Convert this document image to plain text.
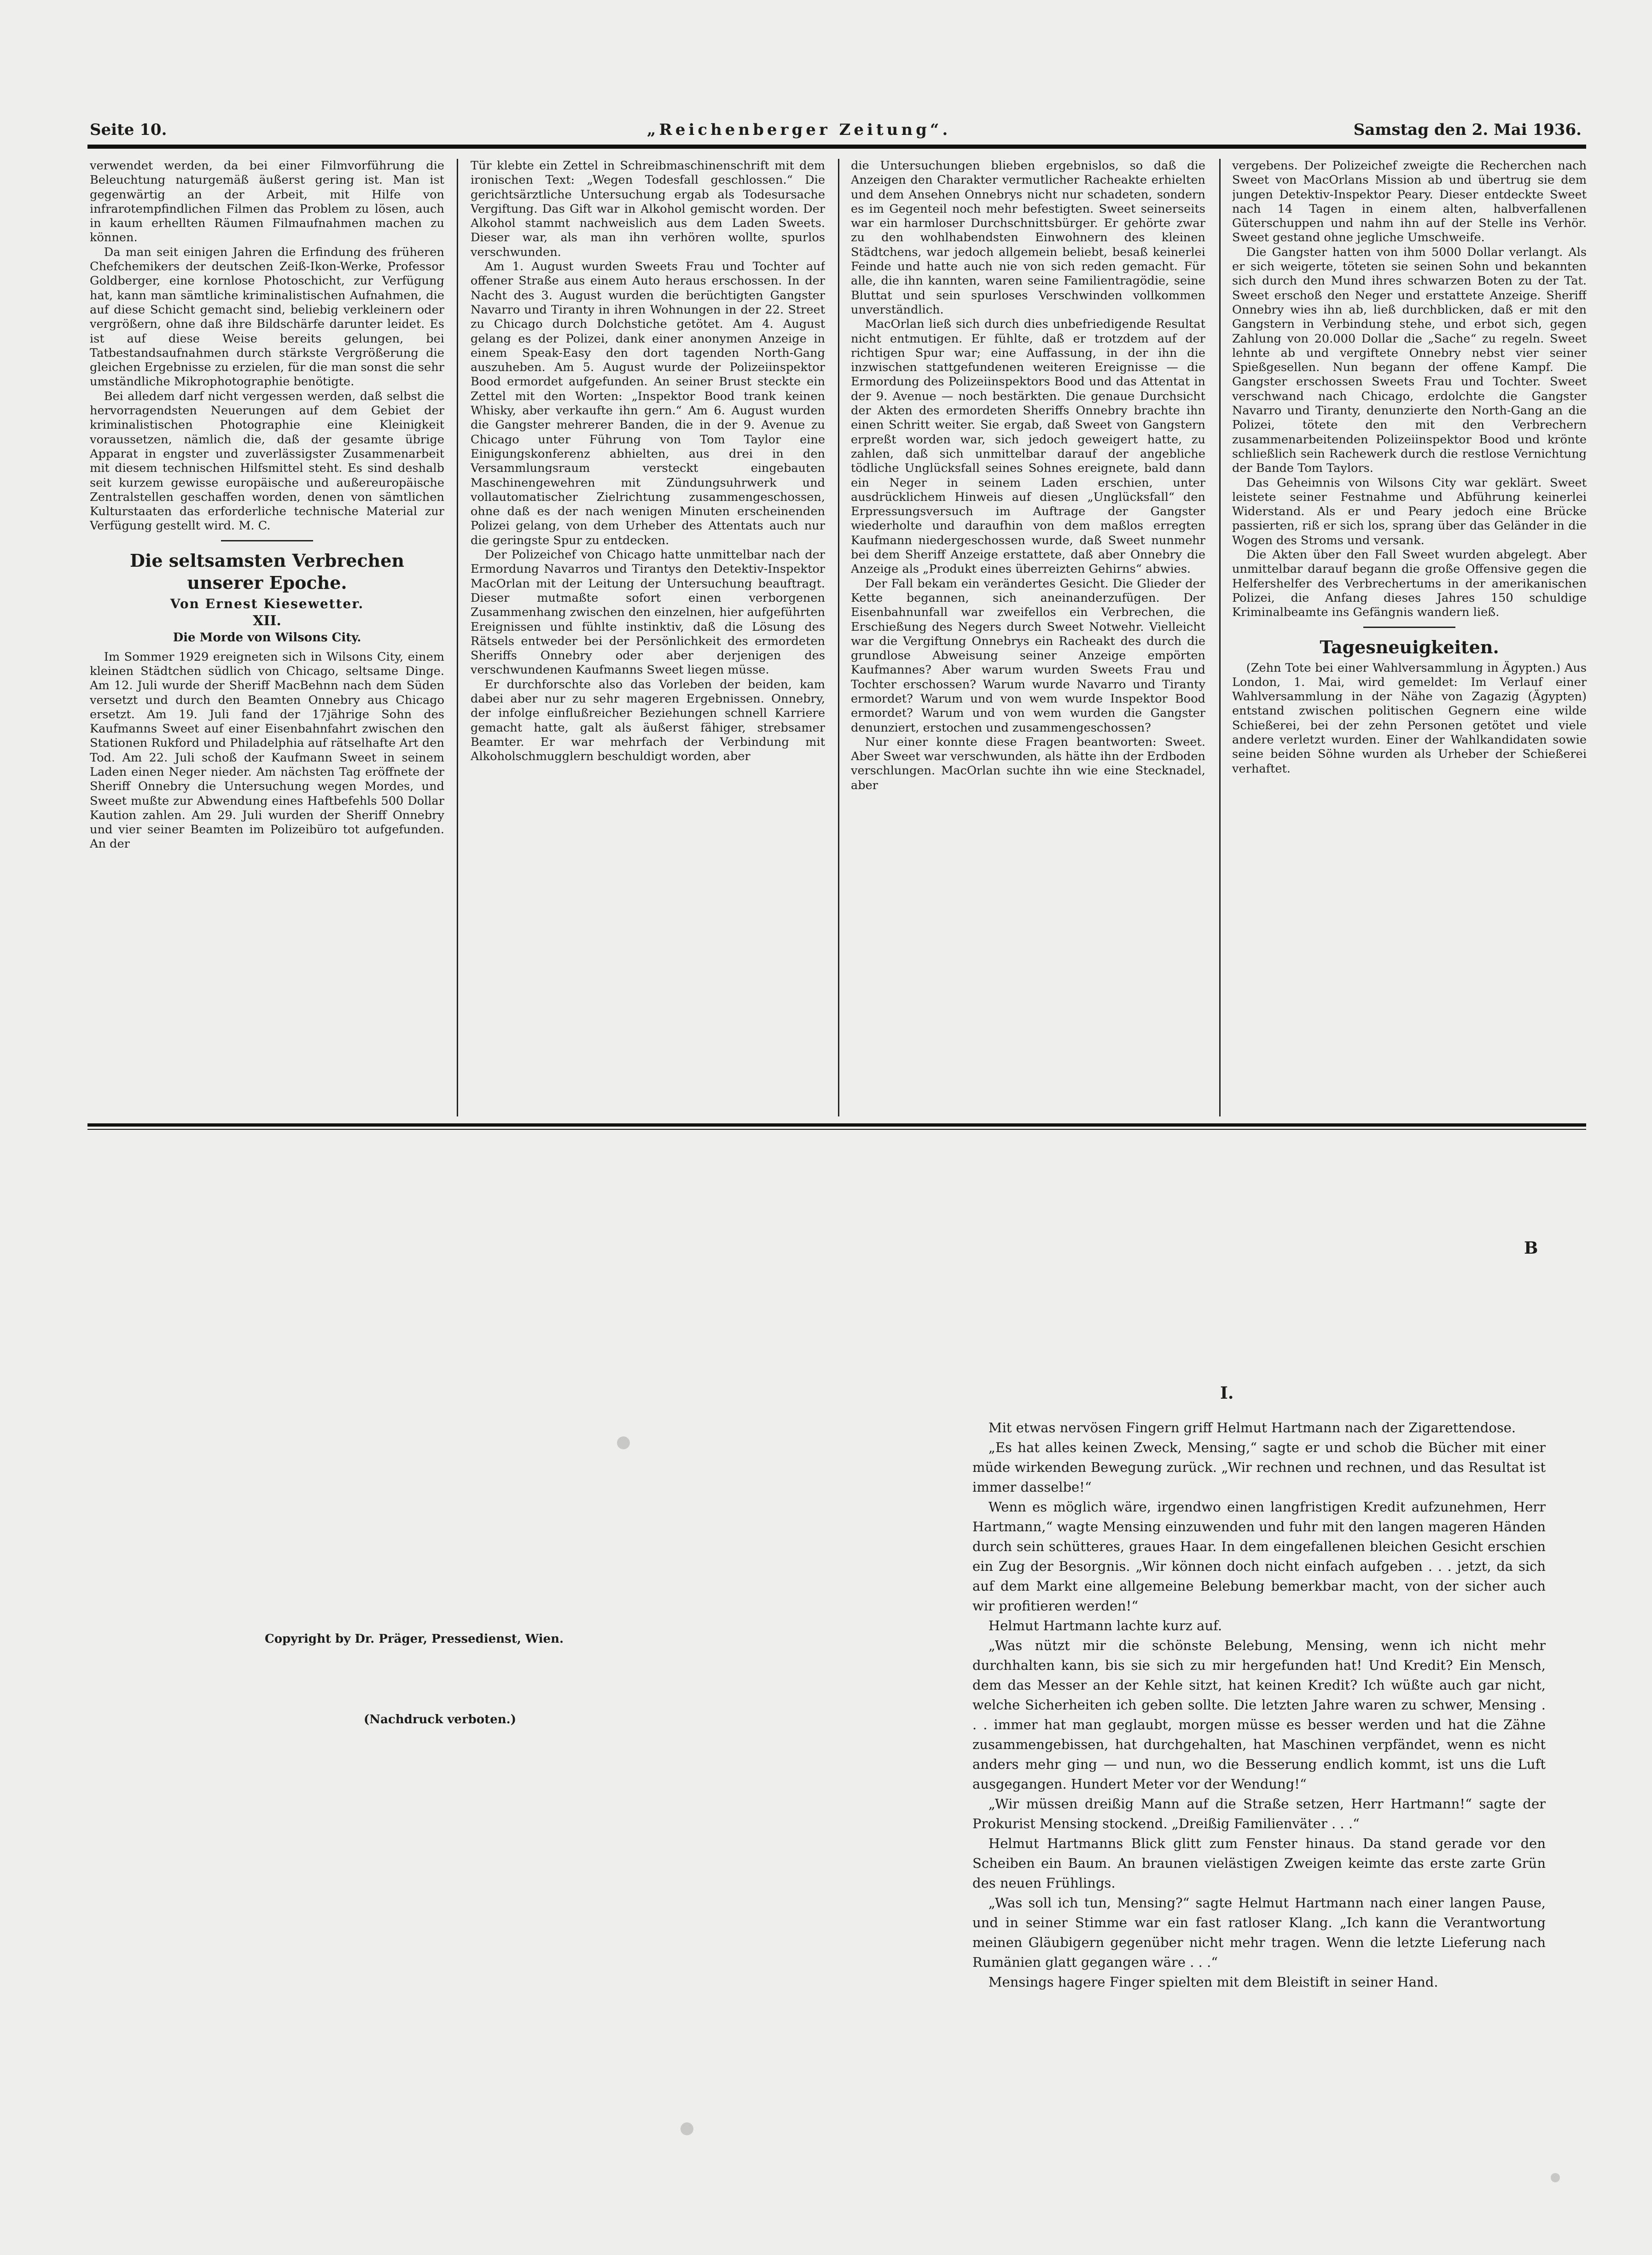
Seite 10.	„Reichenberger Zeitung“.	Samstag den 2. Mai 1936.

verwendet werden, da bei einer Filmvorführung die Beleuchtung naturgemäß äußerst gering ist. Man ist gegenwärtig an der Arbeit, mit Hilfe von infrarotempfindlichen Filmen das Problem zu lösen, auch in kaum erhellten Räumen Filmaufnahmen machen zu können.

Da man seit einigen Jahren die Erfindung des früheren Chefchemikers der deutschen Zeiß-Ikon-Werke, Professor Goldberger, eine kornlose Photoschicht, zur Verfügung hat, kann man sämtliche kriminalistischen Aufnahmen, die auf diese Schicht gemacht sind, beliebig verkleinern oder vergrößern, ohne daß ihre Bildschärfe darunter leidet. Es ist auf diese Weise bereits gelungen, bei Tatbestandsaufnahmen durch stärkste Vergrößerung die gleichen Ergebnisse zu erzielen, für die man sonst die sehr umständliche Mikrophotographie benötigte.

Bei alledem darf nicht vergessen werden, daß selbst die hervorragendsten Neuerungen auf dem Gebiet der kriminalistischen Photographie eine Kleinigkeit voraussetzen, nämlich die, daß der gesamte übrige Apparat in engster und zuverlässigster Zusammenarbeit mit diesem technischen Hilfsmittel steht. Es sind deshalb seit kurzem gewisse europäische und außereuropäische Zentralstellen geschaffen worden, denen von sämtlichen Kulturstaaten das erforderliche technische Material zur Verfügung gestellt wird. M. C.

Die seltsamsten Verbrechen unserer Epoche.
Von Ernest Kiesewetter.
XII.
Die Morde von Wilsons City.

Im Sommer 1929 ereigneten sich in Wilsons City, einem kleinen Städtchen südlich von Chicago, seltsame Dinge. Am 12. Juli wurde der Sheriff MacBehnn nach dem Süden versetzt und durch den Beamten Onnebry aus Chicago ersetzt. Am 19. Juli fand der 17jährige Sohn des Kaufmanns Sweet auf einer Eisenbahnfahrt zwischen den Stationen Rukford und Philadelphia auf rätselhafte Art den Tod. Am 22. Juli schoß der Kaufmann Sweet in seinem Laden einen Neger nieder. Am nächsten Tag eröffnete der Sheriff Onnebry die Untersuchung wegen Mordes, und Sweet mußte zur Abwendung eines Haftbefehls 500 Dollar Kaution zahlen. Am 29. Juli wurden der Sheriff Onnebry und vier seiner Beamten im Polizeibüro tot aufgefunden. An der

Tür klebte ein Zettel in Schreibmaschinenschrift mit dem ironischen Text: „Wegen Todesfall geschlossen.“ Die gerichtsärztliche Untersuchung ergab als Todesursache Vergiftung. Das Gift war in Alkohol gemischt worden. Der Alkohol stammt nachweislich aus dem Laden Sweets. Dieser war, als man ihn verhören wollte, spurlos verschwunden.

Am 1. August wurden Sweets Frau und Tochter auf offener Straße aus einem Auto heraus erschossen. In der Nacht des 3. August wurden die berüchtigten Gangster Navarro und Tiranty in ihren Wohnungen in der 22. Street zu Chicago durch Dolchstiche getötet. Am 4. August gelang es der Polizei, dank einer anonymen Anzeige in einem Speak-Easy den dort tagenden North-Gang auszuheben. Am 5. August wurde der Polizeiinspektor Bood ermordet aufgefunden. An seiner Brust steckte ein Zettel mit den Worten: „Inspektor Bood trank keinen Whisky, aber verkaufte ihn gern.“ Am 6. August wurden die Gangster mehrerer Banden, die in der 9. Avenue zu Chicago unter Führung von Tom Taylor eine Einigungskonferenz abhielten, aus drei in den Versammlungsraum versteckt eingebauten Maschinengewehren mit Zündungsuhrwerk und vollautomatischer Zielrichtung zusammengeschossen, ohne daß es der nach wenigen Minuten erscheinenden Polizei gelang, von dem Urheber des Attentats auch nur die geringste Spur zu entdecken.

Der Polizeichef von Chicago hatte unmittelbar nach der Ermordung Navarros und Tirantys den Detektiv-Inspektor MacOrlan mit der Leitung der Untersuchung beauftragt. Dieser mutmaßte sofort einen verborgenen Zusammenhang zwischen den einzelnen, hier aufgeführten Ereignissen und fühlte instinktiv, daß die Lösung des Rätsels entweder bei der Persönlichkeit des ermordeten Sheriffs Onnebry oder aber derjenigen des verschwundenen Kaufmanns Sweet liegen müsse.

Er durchforschte also das Vorleben der beiden, kam dabei aber nur zu sehr mageren Ergebnissen. Onnebry, der infolge einflußreicher Beziehungen schnell Karriere gemacht hatte, galt als äußerst fähiger, strebsamer Beamter. Er war mehrfach der Verbindung mit Alkoholschmugglern beschuldigt worden, aber

die Untersuchungen blieben ergebnislos, so daß die Anzeigen den Charakter vermutlicher Racheakte erhielten und dem Ansehen Onnebrys nicht nur schadeten, sondern es im Gegenteil noch mehr befestigten. Sweet seinerseits war ein harmloser Durchschnittsbürger. Er gehörte zwar zu den wohlhabendsten Einwohnern des kleinen Städtchens, war jedoch allgemein beliebt, besaß keinerlei Feinde und hatte auch nie von sich reden gemacht. Für alle, die ihn kannten, waren seine Familientragödie, seine Bluttat und sein spurloses Verschwinden vollkommen unverständlich.

MacOrlan ließ sich durch dies unbefriedigende Resultat nicht entmutigen. Er fühlte, daß er trotzdem auf der richtigen Spur war; eine Auffassung, in der ihn die inzwischen stattgefundenen weiteren Ereignisse — die Ermordung des Polizeiinspektors Bood und das Attentat in der 9. Avenue — noch bestärkten. Die genaue Durchsicht der Akten des ermordeten Sheriffs Onnebry brachte ihn einen Schritt weiter. Sie ergab, daß Sweet von Gangstern erpreßt worden war, sich jedoch geweigert hatte, zu zahlen, daß sich unmittelbar darauf der angebliche tödliche Unglücksfall seines Sohnes ereignete, bald dann ein Neger in seinem Laden erschien, unter ausdrücklichem Hinweis auf diesen „Unglücksfall“ den Erpressungsversuch im Auftrage der Gangster wiederholte und daraufhin von dem maßlos erregten Kaufmann niedergeschossen wurde, daß Sweet nunmehr bei dem Sheriff Anzeige erstattete, daß aber Onnebry die Anzeige als „Produkt eines überreizten Gehirns“ abwies.

Der Fall bekam ein verändertes Gesicht. Die Glieder der Kette begannen, sich aneinanderzufügen. Der Eisenbahnunfall war zweifellos ein Verbrechen, die Erschießung des Negers durch Sweet Notwehr. Vielleicht war die Vergiftung Onnebrys ein Racheakt des durch die grundlose Abweisung seiner Anzeige empörten Kaufmannes? Aber warum wurden Sweets Frau und Tochter erschossen? Warum wurde Navarro und Tiranty ermordet? Warum und von wem wurde Inspektor Bood ermordet? Warum und von wem wurden die Gangster denunziert, erstochen und zusammengeschossen?

Nur einer konnte diese Fragen beantworten: Sweet. Aber Sweet war verschwunden, als hätte ihn der Erdboden verschlungen. MacOrlan suchte ihn wie eine Stecknadel, aber

vergebens. Der Polizeichef zweigte die Recherchen nach Sweet von MacOrlans Mission ab und übertrug sie dem jungen Detektiv-Inspektor Peary. Dieser entdeckte Sweet nach 14 Tagen in einem alten, halbverfallenen Güterschuppen und nahm ihn auf der Stelle ins Verhör. Sweet gestand ohne jegliche Umschweife.

Die Gangster hatten von ihm 5000 Dollar verlangt. Als er sich weigerte, töteten sie seinen Sohn und bekannten sich durch den Mund ihres schwarzen Boten zu der Tat. Sweet erschoß den Neger und erstattete Anzeige. Sheriff Onnebry wies ihn ab, ließ durchblicken, daß er mit den Gangstern in Verbindung stehe, und erbot sich, gegen Zahlung von 20.000 Dollar die „Sache“ zu regeln. Sweet lehnte ab und vergiftete Onnebry nebst vier seiner Spießgesellen. Nun begann der offene Kampf. Die Gangster erschossen Sweets Frau und Tochter. Sweet verschwand nach Chicago, erdolchte die Gangster Navarro und Tiranty, denunzierte den North-Gang an die Polizei, tötete den mit den Verbrechern zusammenarbeitenden Polizeiinspektor Bood und krönte schließlich sein Rachewerk durch die restlose Vernichtung der Bande Tom Taylors.

Das Geheimnis von Wilsons City war geklärt. Sweet leistete seiner Festnahme und Abführung keinerlei Widerstand. Als er und Peary jedoch eine Brücke passierten, riß er sich los, sprang über das Geländer in die Wogen des Stroms und versank.

Die Akten über den Fall Sweet wurden abgelegt. Aber unmittelbar darauf begann die große Offensive gegen die Helfershelfer des Verbrechertums in der amerikanischen Polizei, die Anfang dieses Jahres 150 schuldige Kriminalbeamte ins Gefängnis wandern ließ.

Tagesneuigkeiten.

(Zehn Tote bei einer Wahlversammlung in Ägypten.) Aus London, 1. Mai, wird gemeldet: Im Verlauf einer Wahlversammlung in der Nähe von Zagazig (Ägypten) entstand zwischen politischen Gegnern eine wilde Schießerei, bei der zehn Personen getötet und viele andere verletzt wurden. Einer der Wahlkandidaten sowie seine beiden Söhne wurden als Urheber der Schießerei verhaftet.

B
Copyright by Dr. Präger, Pressedienst, Wien.
(Nachdruck verboten.)
I.

Mit etwas nervösen Fingern griff Helmut Hartmann nach der Zigarettendose.

„Es hat alles keinen Zweck, Mensing,“ sagte er und schob die Bücher mit einer müde wirkenden Bewegung zurück. „Wir rechnen und rechnen, und das Resultat ist immer dasselbe!“

Wenn es möglich wäre, irgendwo einen langfristigen Kredit aufzunehmen, Herr Hartmann,“ wagte Mensing einzuwenden und fuhr mit den langen mageren Händen durch sein schütteres, graues Haar. In dem eingefallenen bleichen Gesicht erschien ein Zug der Besorgnis. „Wir können doch nicht einfach aufgeben . . . jetzt, da sich auf dem Markt eine allgemeine Belebung bemerkbar macht, von der sicher auch wir profitieren werden!“

Helmut Hartmann lachte kurz auf.

„Was nützt mir die schönste Belebung, Mensing, wenn ich nicht mehr durchhalten kann, bis sie sich zu mir hergefunden hat! Und Kredit? Ein Mensch, dem das Messer an der Kehle sitzt, hat keinen Kredit? Ich wüßte auch gar nicht, welche Sicherheiten ich geben sollte. Die letzten Jahre waren zu schwer, Mensing . . . immer hat man geglaubt, morgen müsse es besser werden und hat die Zähne zusammengebissen, hat durchgehalten, hat Maschinen verpfändet, wenn es nicht anders mehr ging — und nun, wo die Besserung endlich kommt, ist uns die Luft ausgegangen. Hundert Meter vor der Wendung!“

„Wir müssen dreißig Mann auf die Straße setzen, Herr Hartmann!“ sagte der Prokurist Mensing stockend. „Dreißig Familienväter . . .“

Helmut Hartmanns Blick glitt zum Fenster hinaus. Da stand gerade vor den Scheiben ein Baum. An braunen vielästigen Zweigen keimte das erste zarte Grün des neuen Frühlings.

„Was soll ich tun, Mensing?“ sagte Helmut Hartmann nach einer langen Pause, und in seiner Stimme war ein fast ratloser Klang. „Ich kann die Verantwortung meinen Gläubigern gegenüber nicht mehr tragen. Wenn die letzte Lieferung nach Rumänien glatt gegangen wäre . . .“

Mensings hagere Finger spielten mit dem Bleistift in seiner Hand.
